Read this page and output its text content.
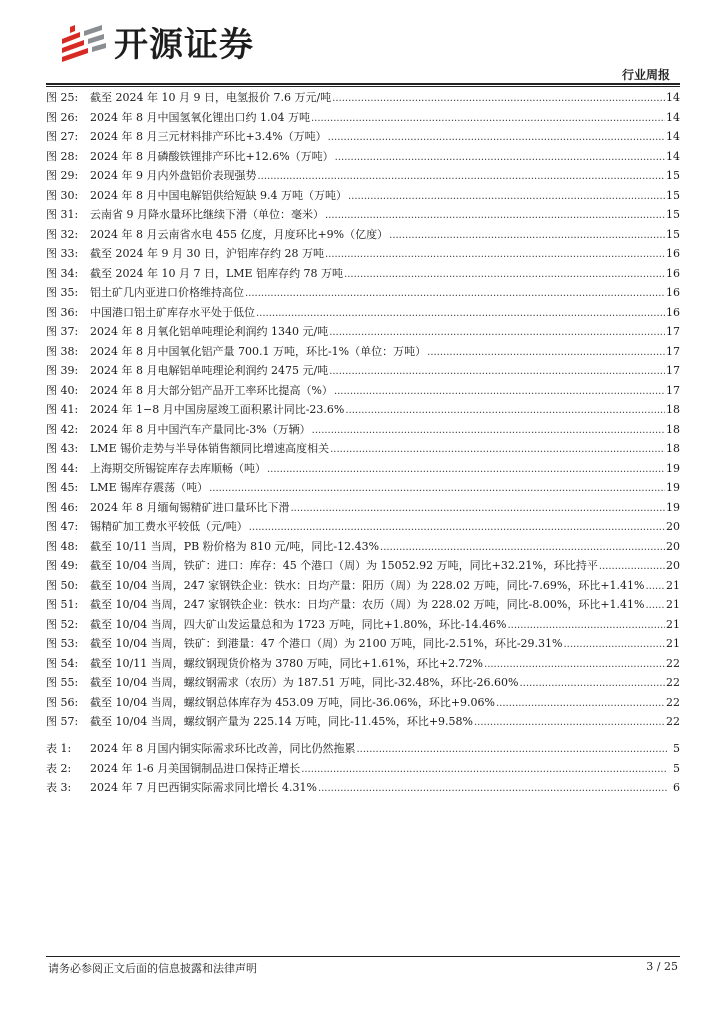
开源证券
行业周报
图 25:	截至 2024 年 10 月 9 日，电氢报价 7.6 万元/吨 .....	14
图 26:	2024 年 8 月中国氢氧化锂出口约 1.04 万吨 .....	14
图 27:	2024 年 8 月三元材料排产环比+3.4%（万吨） .....	14
图 28:	2024 年 8 月磷酸铁锂排产环比+12.6%（万吨） .....	14
图 29:	2024 年 9 月内外盘铝价表现强势 .....	15
图 30:	2024 年 8 月中国电解铝供给短缺 9.4 万吨（万吨） .....	15
图 31:	云南省 9 月降水量环比继续下滑（单位：毫米） .....	15
图 32:	2024 年 8 月云南省水电 455 亿度，月度环比+9%（亿度） .....	15
图 33:	截至 2024 年 9 月 30 日，沪铝库存约 28 万吨 .....	16
图 34:	截至 2024 年 10 月 7 日，LME 铝库存约 78 万吨 .....	16
图 35:	铝土矿几内亚进口价格维持高位 .....	16
图 36:	中国港口铝土矿库存水平处于低位 .....	16
图 37:	2024 年 8 月氧化铝单吨理论利润约 1340 元/吨 .....	17
图 38:	2024 年 8 月中国氧化铝产量 700.1 万吨，环比-1%（单位：万吨） .....	17
图 39:	2024 年 8 月电解铝单吨理论利润约 2475 元/吨 .....	17
图 40:	2024 年 8 月大部分铝产品开工率环比提高（%） .....	17
图 41:	2024 年 1−8 月中国房屋竣工面积累计同比-23.6% .....	18
图 42:	2024 年 8 月中国汽车产量同比-3%（万辆） .....	18
图 43:	LME 锡价走势与半导体销售额同比增速高度相关 .....	18
图 44:	上海期交所锡锭库存去库顺畅（吨） .....	19
图 45:	LME 锡库存震荡（吨） .....	19
图 46:	2024 年 8 月缅甸锡精矿进口量环比下滑 .....	19
图 47:	锡精矿加工费水平较低（元/吨） .....	20
图 48:	截至 10/11 当周，PB 粉价格为 810 元/吨，同比-12.43% .....	20
图 49:	截至 10/04 当周，铁矿：进口：库存：45 个港口（周）为 15052.92 万吨，同比+32.21%，环比持平 .....	20
图 50:	截至 10/04 当周，247 家钢铁企业：铁水：日均产量：阳历（周）为 228.02 万吨，同比-7.69%，环比+1.41% ..... 21
图 51:	截至 10/04 当周，247 家钢铁企业：铁水：日均产量：农历（周）为 228.02 万吨，同比-8.00%，环比+1.41% ..... 21
图 52:	截至 10/04 当周，四大矿山发运量总和为 1723 万吨，同比+1.80%，环比-14.46% .....	21
图 53:	截至 10/04 当周，铁矿：到港量：47 个港口（周）为 2100 万吨，同比-2.51%，环比-29.31% .....	21
图 54:	截至 10/11 当周，螺纹钢现货价格为 3780 万吨，同比+1.61%，环比+2.72% .....	22
图 55:	截至 10/04 当周，螺纹钢需求（农历）为 187.51 万吨，同比-32.48%，环比-26.60% .....	22
图 56:	截至 10/04 当周，螺纹钢总体库存为 453.09 万吨，同比-36.06%，环比+9.06% .....	22
图 57:	截至 10/04 当周，螺纹钢产量为 225.14 万吨，同比-11.45%，环比+9.58% .....	22
表 1:	2024 年 8 月国内铜实际需求环比改善，同比仍然拖累 .....	5
表 2:	2024 年 1-6 月美国铜制品进口保持正增长 .....	5
表 3:	2024 年 7 月巴西铜实际需求同比增长 4.31% .....	6
请务必参阅正文后面的信息披露和法律声明	3 / 25
